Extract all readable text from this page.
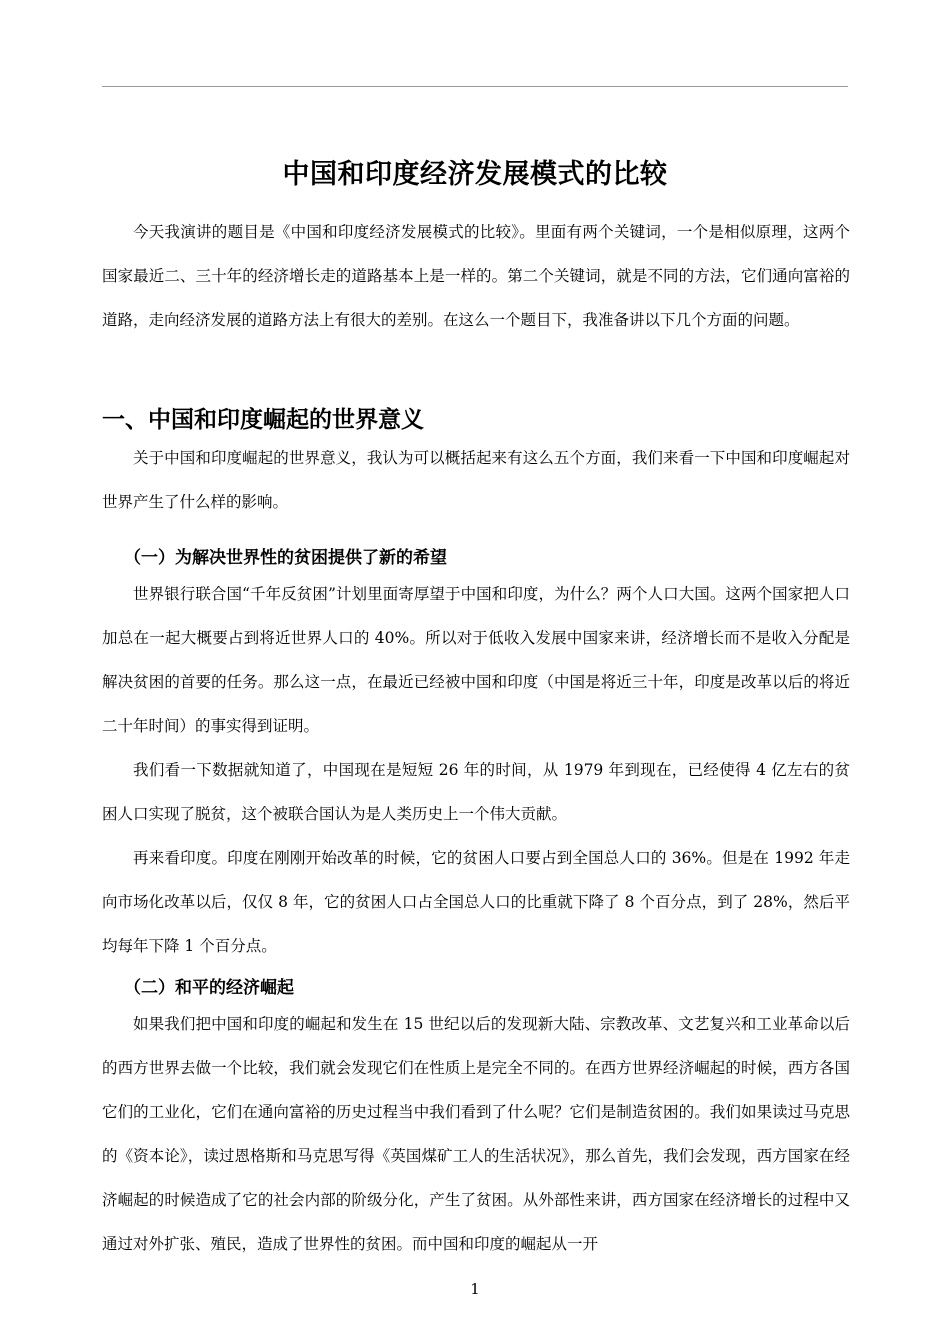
中国和印度经济发展模式的比较

今天我演讲的题目是《中国和印度经济发展模式的比较》。里面有两个关键词，一个是相似原理，这两个国家最近二、三十年的经济增长走的道路基本上是一样的。第二个关键词，就是不同的方法，它们通向富裕的道路，走向经济发展的道路方法上有很大的差别。在这么一个题目下，我准备讲以下几个方面的问题。

一、中国和印度崛起的世界意义

关于中国和印度崛起的世界意义，我认为可以概括起来有这么五个方面，我们来看一下中国和印度崛起对世界产生了什么样的影响。

（一）为解决世界性的贫困提供了新的希望

世界银行联合国“千年反贫困”计划里面寄厚望于中国和印度，为什么？两个人口大国。这两个国家把人口加总在一起大概要占到将近世界人口的 40%。所以对于低收入发展中国家来讲，经济增长而不是收入分配是解决贫困的首要的任务。那么这一点，在最近已经被中国和印度（中国是将近三十年，印度是改革以后的将近二十年时间）的事实得到证明。

我们看一下数据就知道了，中国现在是短短 26 年的时间，从 1979 年到现在，已经使得 4 亿左右的贫困人口实现了脱贫，这个被联合国认为是人类历史上一个伟大贡献。

再来看印度。印度在刚刚开始改革的时候，它的贫困人口要占到全国总人口的 36%。但是在 1992 年走向市场化改革以后，仅仅 8 年，它的贫困人口占全国总人口的比重就下降了 8 个百分点，到了 28%，然后平均每年下降 1 个百分点。

（二）和平的经济崛起

如果我们把中国和印度的崛起和发生在 15 世纪以后的发现新大陆、宗教改革、文艺复兴和工业革命以后的西方世界去做一个比较，我们就会发现它们在性质上是完全不同的。在西方世界经济崛起的时候，西方各国它们的工业化，它们在通向富裕的历史过程当中我们看到了什么呢？它们是制造贫困的。我们如果读过马克思的《资本论》，读过恩格斯和马克思写得《英国煤矿工人的生活状况》，那么首先，我们会发现，西方国家在经济崛起的时候造成了它的社会内部的阶级分化，产生了贫困。从外部性来讲，西方国家在经济增长的过程中又通过对外扩张、殖民，造成了世界性的贫困。而中国和印度的崛起从一开

1
